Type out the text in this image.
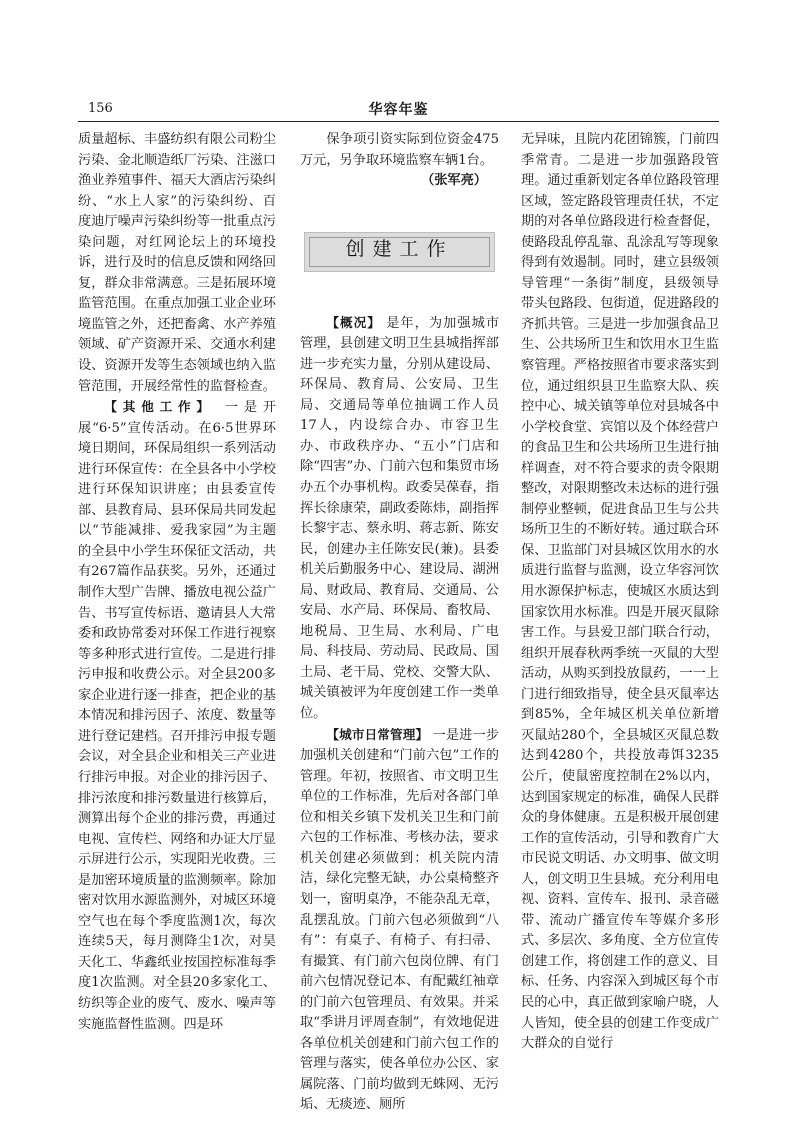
156	华容年鉴

质量超标、丰盛纺织有限公司粉尘污染、金北顺造纸厂污染、注滋口渔业养殖事件、福天大酒店污染纠纷、“水上人家”的污染纠纷、百度迪厅噪声污染纠纷等一批重点污染问题，对红网论坛上的环境投诉，进行及时的信息反馈和网络回复，群众非常满意。三是拓展环境监管范围。在重点加强工业企业环境监管之外，还把畜禽、水产养殖领域、矿产资源开采、交通水利建设、资源开发等生态领域也纳入监管范围，开展经常性的监督检查。

【其他工作】 一是开展“6·5”宣传活动。在6·5世界环境日期间，环保局组织一系列活动进行环保宣传：在全县各中小学校进行环保知识讲座；由县委宣传部、县教育局、县环保局共同发起以“节能减排、爱我家园”为主题的全县中小学生环保征文活动，共有267篇作品获奖。另外，还通过制作大型广告牌、播放电视公益广告、书写宣传标语、邀请县人大常委和政协常委对环保工作进行视察等多种形式进行宣传。二是进行排污申报和收费公示。对全县200多家企业进行逐一排查，把企业的基本情况和排污因子、浓度、数量等进行登记建档。召开排污申报专题会议，对全县企业和相关三产业进行排污申报。对企业的排污因子、排污浓度和排污数量进行核算后，测算出每个企业的排污费，再通过电视、宣传栏、网络和办证大厅显示屏进行公示，实现阳光收费。三是加密环境质量的监测频率。除加密对饮用水源监测外，对城区环境空气也在每个季度监测1次，每次连续5天，每月测降尘1次，对昊天化工、华鑫纸业按国控标准每季度1次监测。对全县20多家化工、纺织等企业的废气、废水、噪声等实施监督性监测。四是环

保争项引资实际到位资金475万元，另争取环境监察车辆1台。

（张军亮）

创建工作

【概况】 是年，为加强城市管理，县创建文明卫生县城指挥部进一步充实力量，分别从建设局、环保局、教育局、公安局、卫生局、交通局等单位抽调工作人员17人，内设综合办、市容卫生办、市政秩序办、“五小”门店和除“四害”办、门前六包和集贸市场办五个办事机构。政委吴葆春，指挥长徐康荣，副政委陈炜，副指挥长黎宇志、蔡永明、蒋志新、陈安民，创建办主任陈安民(兼)。县委机关后勤服务中心、建设局、湖洲局、财政局、教育局、交通局、公安局、水产局、环保局、畜牧局、地税局、卫生局、水利局、广电局、科技局、劳动局、民政局、国土局、老干局、党校、交警大队、城关镇被评为年度创建工作一类单位。

【城市日常管理】 一是进一步加强机关创建和“门前六包”工作的管理。年初，按照省、市文明卫生单位的工作标准，先后对各部门单位和相关乡镇下发机关卫生和门前六包的工作标准、考核办法，要求机关创建必须做到：机关院内清洁，绿化完整无缺，办公桌椅整齐划一，窗明桌净，不能杂乱无章，乱摆乱放。门前六包必须做到“八有”：有桌子、有椅子、有扫帚、有撮箕、有门前六包岗位牌、有门前六包情况登记本、有配戴红袖章的门前六包管理员、有效果。并采取“季讲月评周查制”，有效地促进各单位机关创建和门前六包工作的管理与落实，使各单位办公区、家属院落、门前均做到无蛛网、无污垢、无痰迹、厕所

无异味，且院内花团锦簇，门前四季常青。二是进一步加强路段管理。通过重新划定各单位路段管理区域，签定路段管理责任状，不定期的对各单位路段进行检查督促，使路段乱停乱靠、乱涂乱写等现象得到有效遏制。同时，建立县级领导管理“一条街”制度，县级领导带头包路段、包街道，促进路段的齐抓共管。三是进一步加强食品卫生、公共场所卫生和饮用水卫生监察管理。严格按照省市要求落实到位，通过组织县卫生监察大队、疾控中心、城关镇等单位对县城各中小学校食堂、宾馆以及个体经营户的食品卫生和公共场所卫生进行抽样调查，对不符合要求的责令限期整改，对限期整改未达标的进行强制停业整顿，促进食品卫生与公共场所卫生的不断好转。通过联合环保、卫监部门对县城区饮用水的水质进行监督与监测，设立华容河饮用水源保护标志，使城区水质达到国家饮用水标准。四是开展灭鼠除害工作。与县爱卫部门联合行动，组织开展春秋两季统一灭鼠的大型活动，从购买到投放鼠药，一一上门进行细致指导，使全县灭鼠率达到85%，全年城区机关单位新增灭鼠站280个，全县城区灭鼠总数达到4280个，共投放毒饵3235公斤，使鼠密度控制在2%以内，达到国家规定的标准，确保人民群众的身体健康。五是积极开展创建工作的宣传活动，引导和教育广大市民说文明话、办文明事、做文明人，创文明卫生县城。充分利用电视、资料、宣传车、报刊、录音磁带、流动广播宣传车等媒介多形式、多层次、多角度、全方位宣传创建工作，将创建工作的意义、目标、任务、内容深入到城区每个市民的心中，真正做到家喻户晓，人人皆知，使全县的创建工作变成广大群众的自觉行
